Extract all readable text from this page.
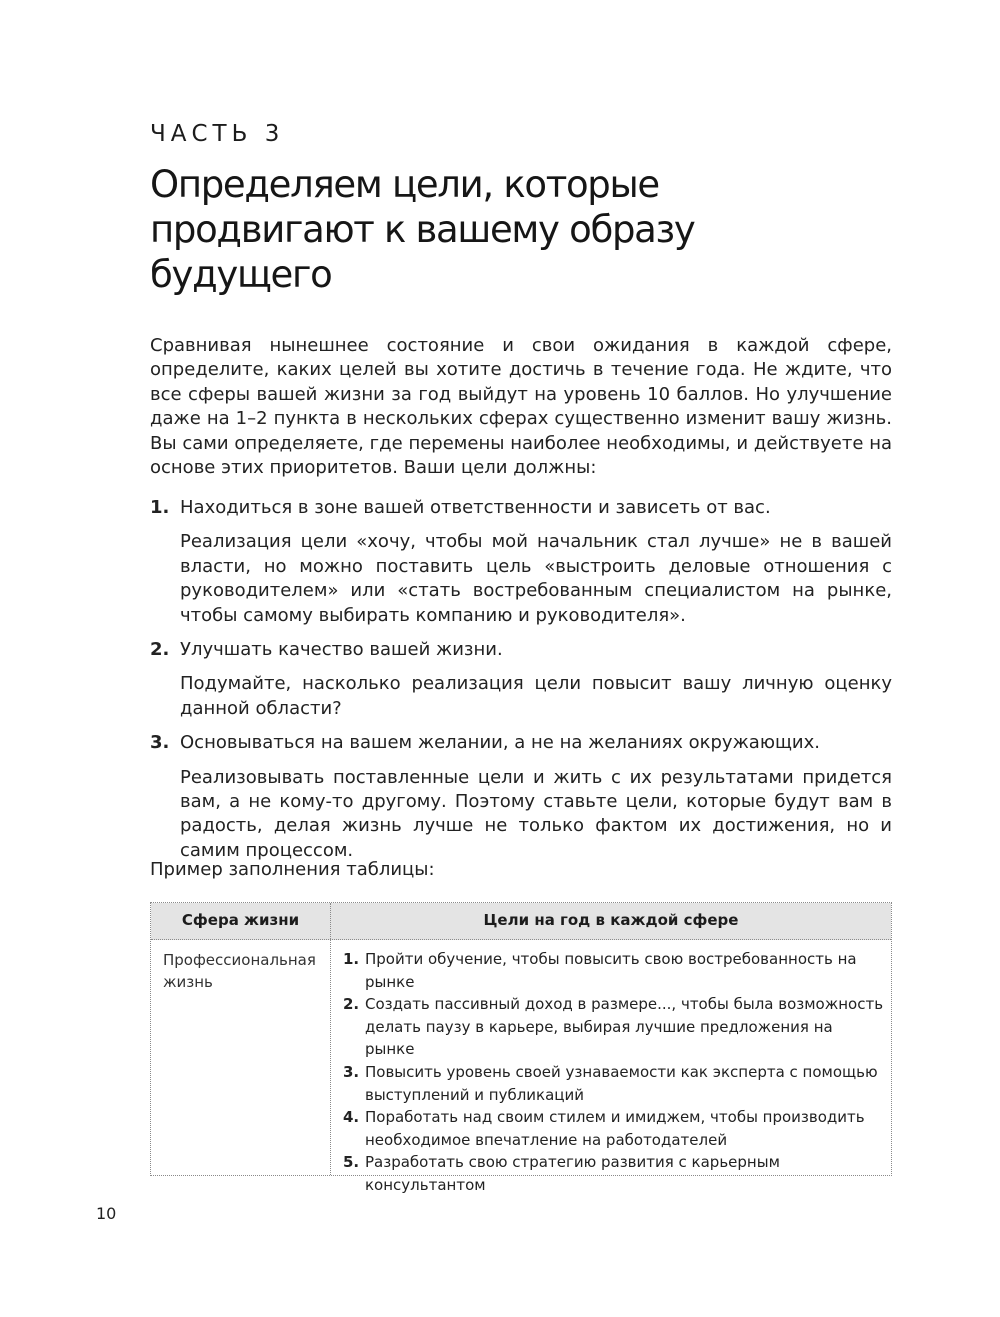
ЧАСТЬ 3
Определяем цели, которые продвигают к вашему образу будущего

Сравнивая нынешнее состояние и свои ожидания в каждой сфере, определите, каких целей вы хотите достичь в течение года. Не ждите, что все сферы вашей жизни за год выйдут на уровень 10 баллов. Но улучшение даже на 1–2 пункта в нескольких сферах существенно изменит вашу жизнь. Вы сами определяете, где перемены наиболее необходимы, и действуете на основе этих приоритетов. Ваши цели должны:

1. Находиться в зоне вашей ответственности и зависеть от вас.

Реализация цели «хочу, чтобы мой начальник стал лучше» не в вашей власти, но можно поставить цель «выстроить деловые отношения с руководителем» или «стать востребованным специалистом на рынке, чтобы самому выбирать компанию и руководителя».

2. Улучшать качество вашей жизни.

Подумайте, насколько реализация цели повысит вашу личную оценку данной области?

3. Основываться на вашем желании, а не на желаниях окружающих.

Реализовывать поставленные цели и жить с их результатами придется вам, а не кому-то другому. Поэтому ставьте цели, которые будут вам в радость, делая жизнь лучше не только фактом их достижения, но и самим процессом.

Пример заполнения таблицы:
Сфера жизни	Цели на год в каждой сфере
Профессиональная жизнь
1. Пройти обучение, чтобы повысить свою востребованность на рынке
2. Создать пассивный доход в размере..., чтобы была возможность делать паузу в карьере, выбирая лучшие предложения на рынке
3. Повысить уровень своей узнаваемости как эксперта с помощью выступлений и публикаций
4. Поработать над своим стилем и имиджем, чтобы производить необходимое впечатление на работодателей
5. Разработать свою стратегию развития с карьерным консультантом
10
